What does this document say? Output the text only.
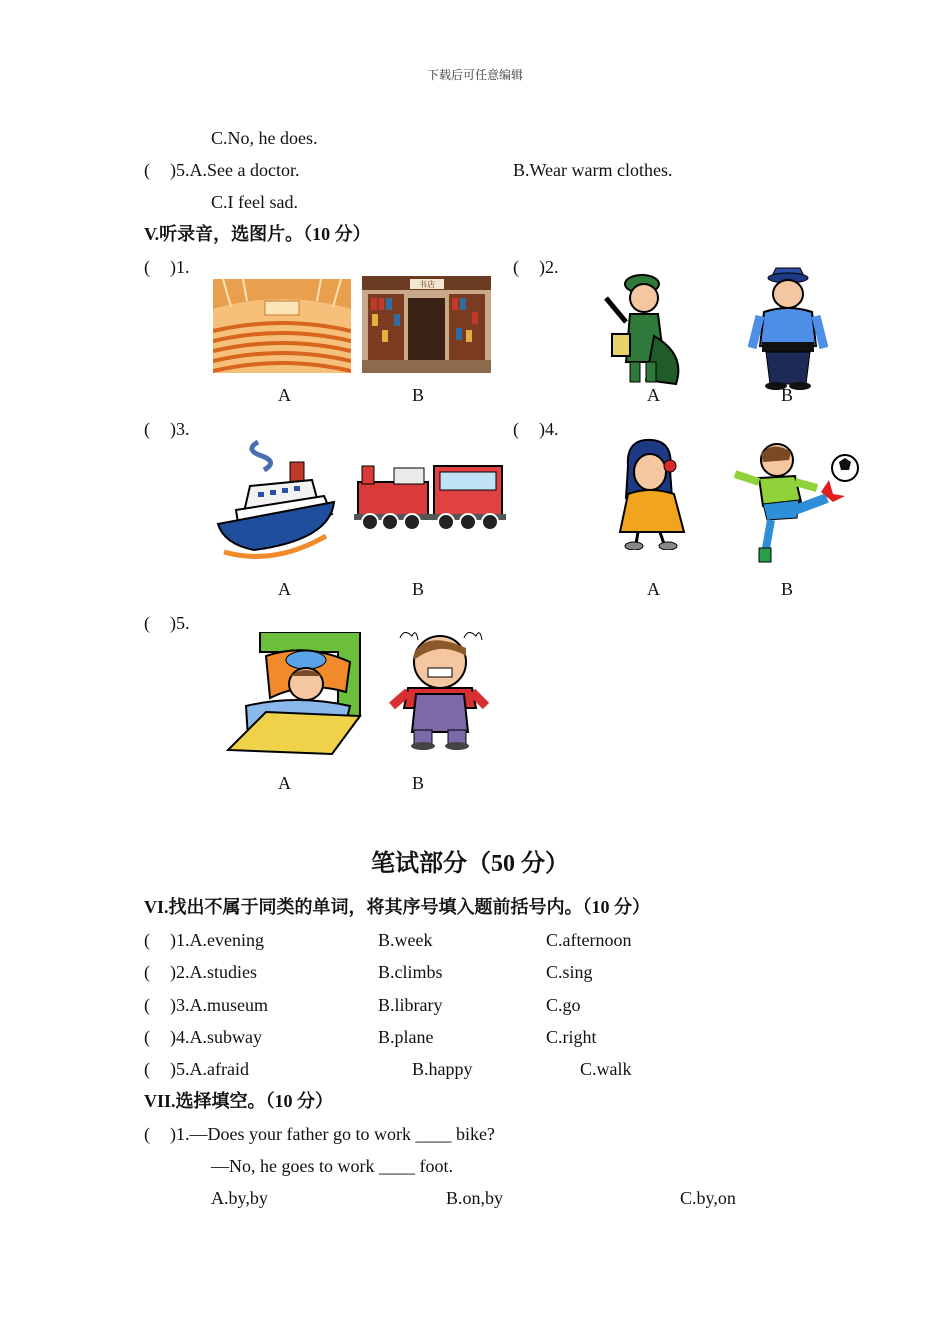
下载后可任意编辑
C.No, he does.
( )5.A.See a doctor.	B.Wear warm clothes.
C.I feel sad.
V.听录音，选图片。（10 分）
( )1.
书店
A	B
( )2.
A	B
( )3.
A	B
( )4.
A	B
( )5.
A	B
笔试部分（50 分）
VI.找出不属于同类的单词，将其序号填入题前括号内。（10 分）
( )1.A.evening	B.week	C.afternoon
( )2.A.studies	B.climbs	C.sing
( )3.A.museum	B.library	C.go
( )4.A.subway	B.plane	C.right
( )5.A.afraid	B.happy	C.walk
VII.选择填空。（10 分）
( )1.—Does your father go to work ____ bike?
—No, he goes to work ____ foot.
A.by,by	B.on,by	C.by,on
